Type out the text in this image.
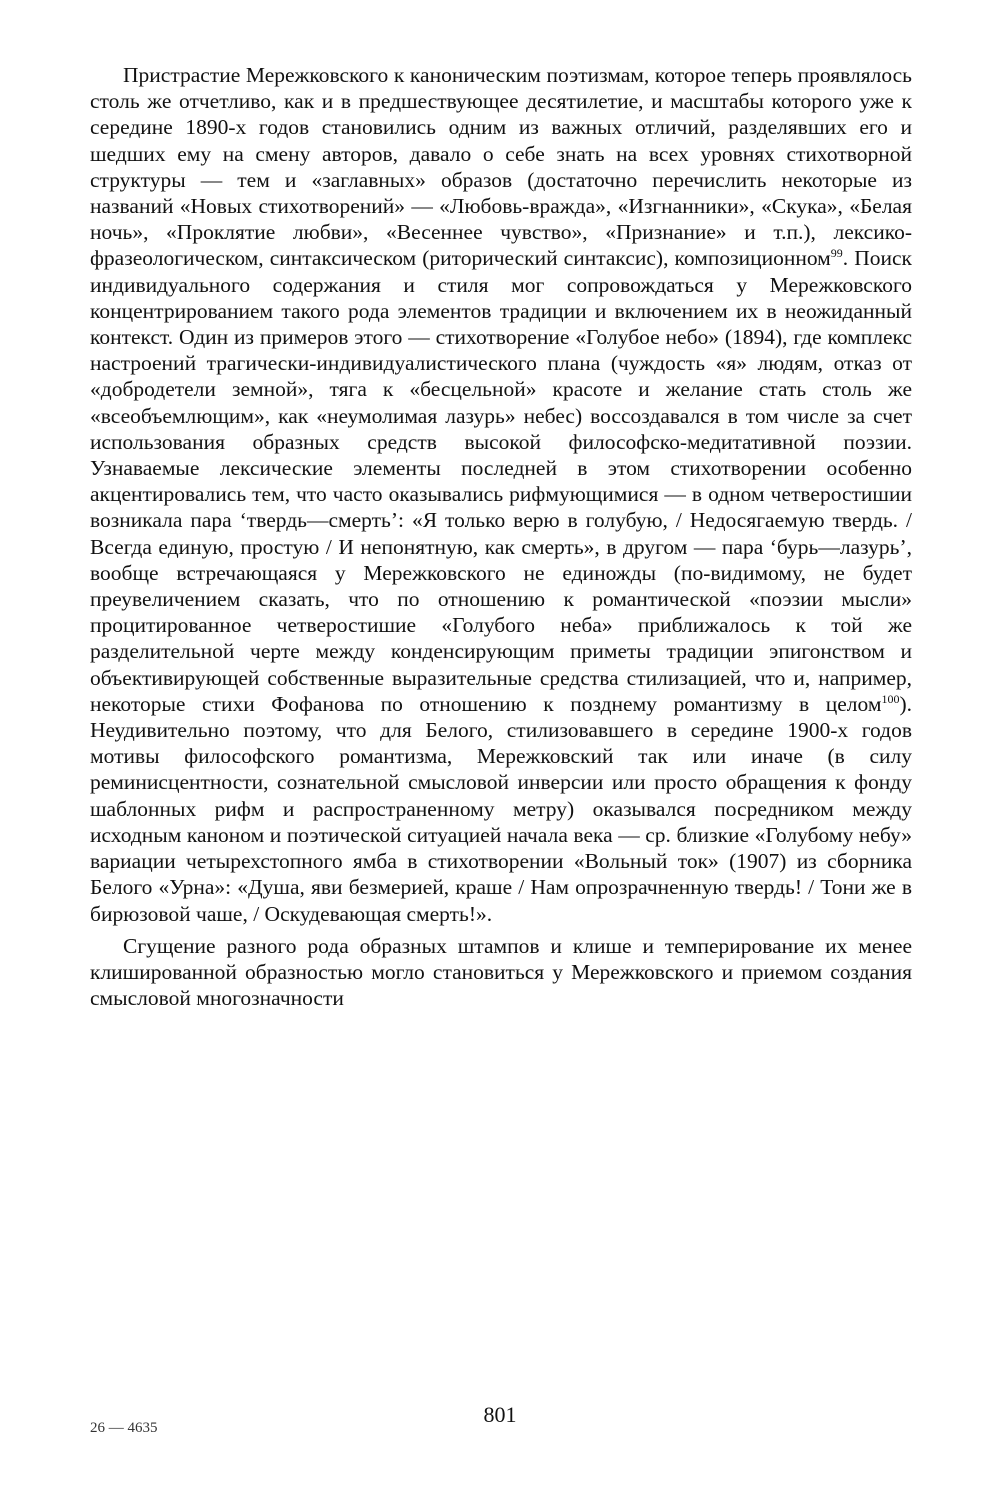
Пристрастие Мережковского к каноническим поэтизмам, которое теперь проявлялось столь же отчетливо, как и в предшествующее десятилетие, и масштабы которого уже к середине 1890-х годов становились одним из важных отличий, разделявших его и шедших ему на смену авторов, давало о себе знать на всех уровнях стихотворной структуры — тем и «заглавных» образов (достаточно перечислить некоторые из названий «Новых стихотворений» — «Любовь-вражда», «Изгнанники», «Скука», «Белая ночь», «Проклятие любви», «Весеннее чувство», «Признание» и т.п.), лексико-фразеологическом, синтаксическом (риторический синтаксис), композиционном$^{99}$. Поиск индивидуального содержания и стиля мог сопровождаться у Мережковского концентрированием такого рода элементов традиции и включением их в неожиданный контекст. Один из примеров этого — стихотворение «Голубое небо» (1894), где комплекс настроений трагически-индивидуалистического плана (чуждость «я» людям, отказ от «добродетели земной», тяга к «бесцельной» красоте и желание стать столь же «всеобъемлющим», как «неумолимая лазурь» небес) воссоздавался в том числе за счет использования образных средств высокой философско-медитативной поэзии. Узнаваемые лексические элементы последней в этом стихотворении особенно акцентировались тем, что часто оказывались рифмующимися — в одном четверостишии возникала пара ‘твердь—смерть’: «Я только верю в голубую, / Недосягаемую твердь. / Всегда единую, простую / И непонятную, как смерть», в другом — пара ‘бурь—лазурь’, вообще встречающаяся у Мережковского не единожды (по-видимому, не будет преувеличением сказать, что по отношению к романтической «поэзии мысли» процитированное четверостишие «Голубого неба» приближалось к той же разделительной черте между конденсирующим приметы традиции эпигонством и объективирующей собственные выразительные средства стилизацией, что и, например, некоторые стихи Фофанова по отношению к позднему романтизму в целом$^{100}$). Неудивительно поэтому, что для Белого, стилизовавшего в середине 1900-х годов мотивы философского романтизма, Мережковский так или иначе (в силу реминисцентности, сознательной смысловой инверсии или просто обращения к фонду шаблонных рифм и распространенному метру) оказывался посредником между исходным каноном и поэтической ситуацией начала века — ср. близкие «Голубому небу» вариации четырехстопного ямба в стихотворении «Вольный ток» (1907) из сборника Белого «Урна»: «Душа, яви безмерией, краше / Нам опрозрачненную твердь! / Тони же в бирюзовой чаше, / Оскудевающая смерть!».

Сгущение разного рода образных штампов и клише и темперирование их менее клишированной образностью могло становиться у Мережковского и приемом создания смысловой многозначности

801
26 — 4635
